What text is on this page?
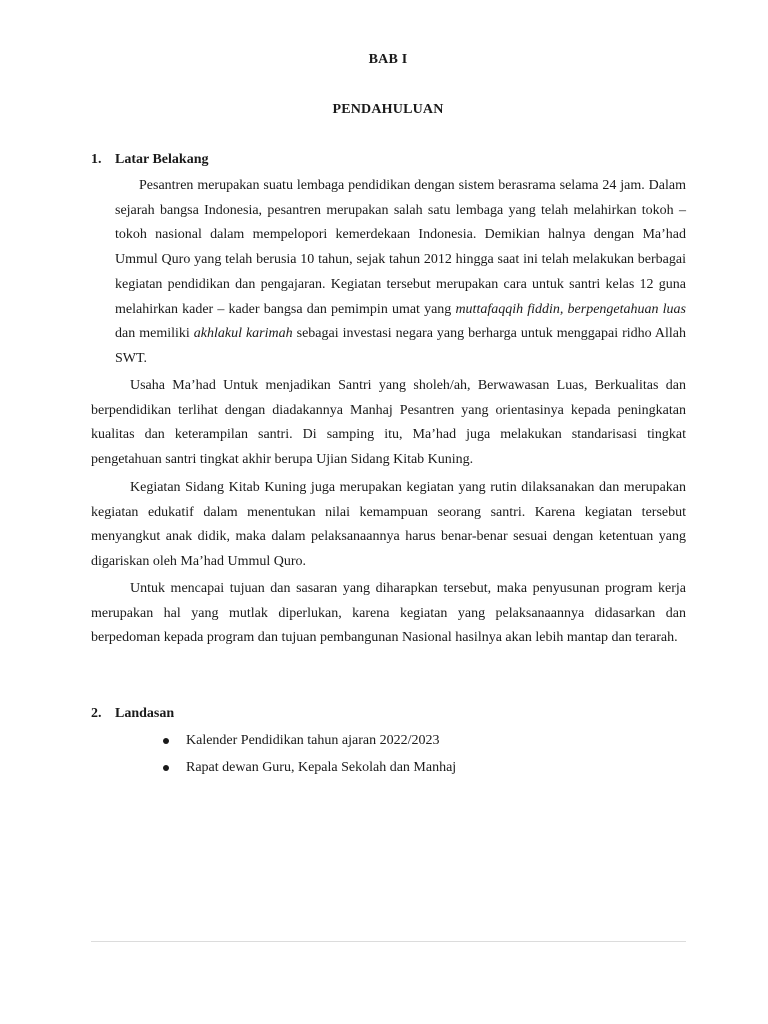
BAB I
PENDAHULUAN
1. Latar Belakang

Pesantren merupakan suatu lembaga pendidikan dengan sistem berasrama selama 24 jam. Dalam sejarah bangsa Indonesia, pesantren merupakan salah satu lembaga yang telah melahirkan tokoh – tokoh nasional dalam mempelopori kemerdekaan Indonesia. Demikian halnya dengan Ma’had Ummul Quro yang telah berusia 10 tahun, sejak tahun 2012 hingga saat ini telah melakukan berbagai kegiatan pendidikan dan pengajaran. Kegiatan tersebut merupakan cara untuk santri kelas 12 guna melahirkan kader – kader bangsa dan pemimpin umat yang muttafaqqih fiddin, berpengetahuan luas dan memiliki akhlakul karimah sebagai investasi negara yang berharga untuk menggapai ridho Allah SWT.

Usaha Ma’had Untuk menjadikan Santri yang sholeh/ah, Berwawasan Luas, Berkualitas dan berpendidikan terlihat dengan diadakannya Manhaj Pesantren yang orientasinya kepada peningkatan kualitas dan keterampilan santri. Di samping itu, Ma’had juga melakukan standarisasi tingkat pengetahuan santri tingkat akhir berupa Ujian Sidang Kitab Kuning.

Kegiatan Sidang Kitab Kuning juga merupakan kegiatan yang rutin dilaksanakan dan merupakan kegiatan edukatif dalam menentukan nilai kemampuan seorang santri. Karena kegiatan tersebut menyangkut anak didik, maka dalam pelaksanaannya harus benar-benar sesuai dengan ketentuan yang digariskan oleh Ma’had Ummul Quro.

Untuk mencapai tujuan dan sasaran yang diharapkan tersebut, maka penyusunan program kerja merupakan hal yang mutlak diperlukan, karena kegiatan yang pelaksanaannya didasarkan dan berpedoman kepada program dan tujuan pembangunan Nasional hasilnya akan lebih mantap dan terarah.

2. Landasan
Kalender Pendidikan tahun ajaran 2022/2023
Rapat dewan Guru, Kepala Sekolah dan Manhaj
